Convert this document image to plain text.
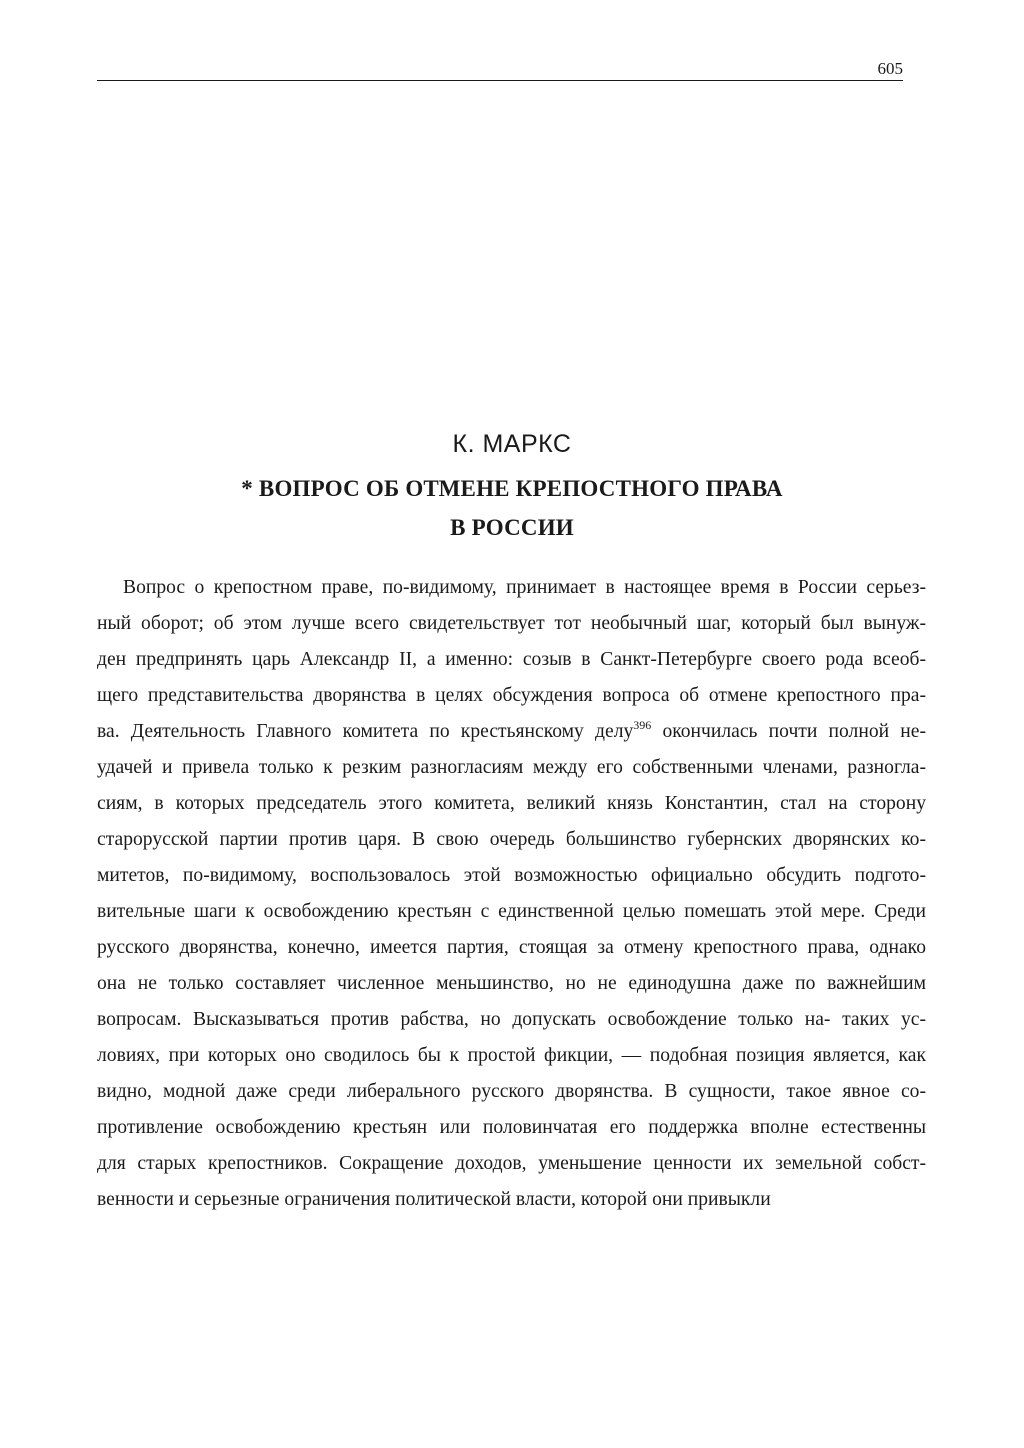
605
К. МАРКС
* ВОПРОС ОБ ОТМЕНЕ КРЕПОСТНОГО ПРАВА
В РОССИИ
Вопрос о крепостном праве, по-видимому, принимает в настоящее время в России серьез-
ный оборот; об этом лучше всего свидетельствует тот необычный шаг, который был вынуж-
ден предпринять царь Александр II, а именно: созыв в Санкт-Петербурге своего рода всеоб-
щего представительства дворянства в целях обсуждения вопроса об отмене крепостного пра-
ва. Деятельность Главного комитета по крестьянскому делу$^{396}$ окончилась почти полной не-
удачей и привела только к резким разногласиям между его собственными членами, разногла-
сиям, в которых председатель этого комитета, великий князь Константин, стал на сторону
старорусской партии против царя. В свою очередь большинство губернских дворянских ко-
митетов, по-видимому, воспользовалось этой возможностью официально обсудить подгото-
вительные шаги к освобождению крестьян с единственной целью помешать этой мере. Среди
русского дворянства, конечно, имеется партия, стоящая за отмену крепостного права, однако
она не только составляет численное меньшинство, но не единодушна даже по важнейшим
вопросам. Высказываться против рабства, но допускать освобождение только на- таких ус-
ловиях, при которых оно сводилось бы к простой фикции, — подобная позиция является, как
видно, модной даже среди либерального русского дворянства. В сущности, такое явное со-
противление освобождению крестьян или половинчатая его поддержка вполне естественны
для старых крепостников. Сокращение доходов, уменьшение ценности их земельной собст-
венности и серьезные ограничения политической власти, которой они привыкли
